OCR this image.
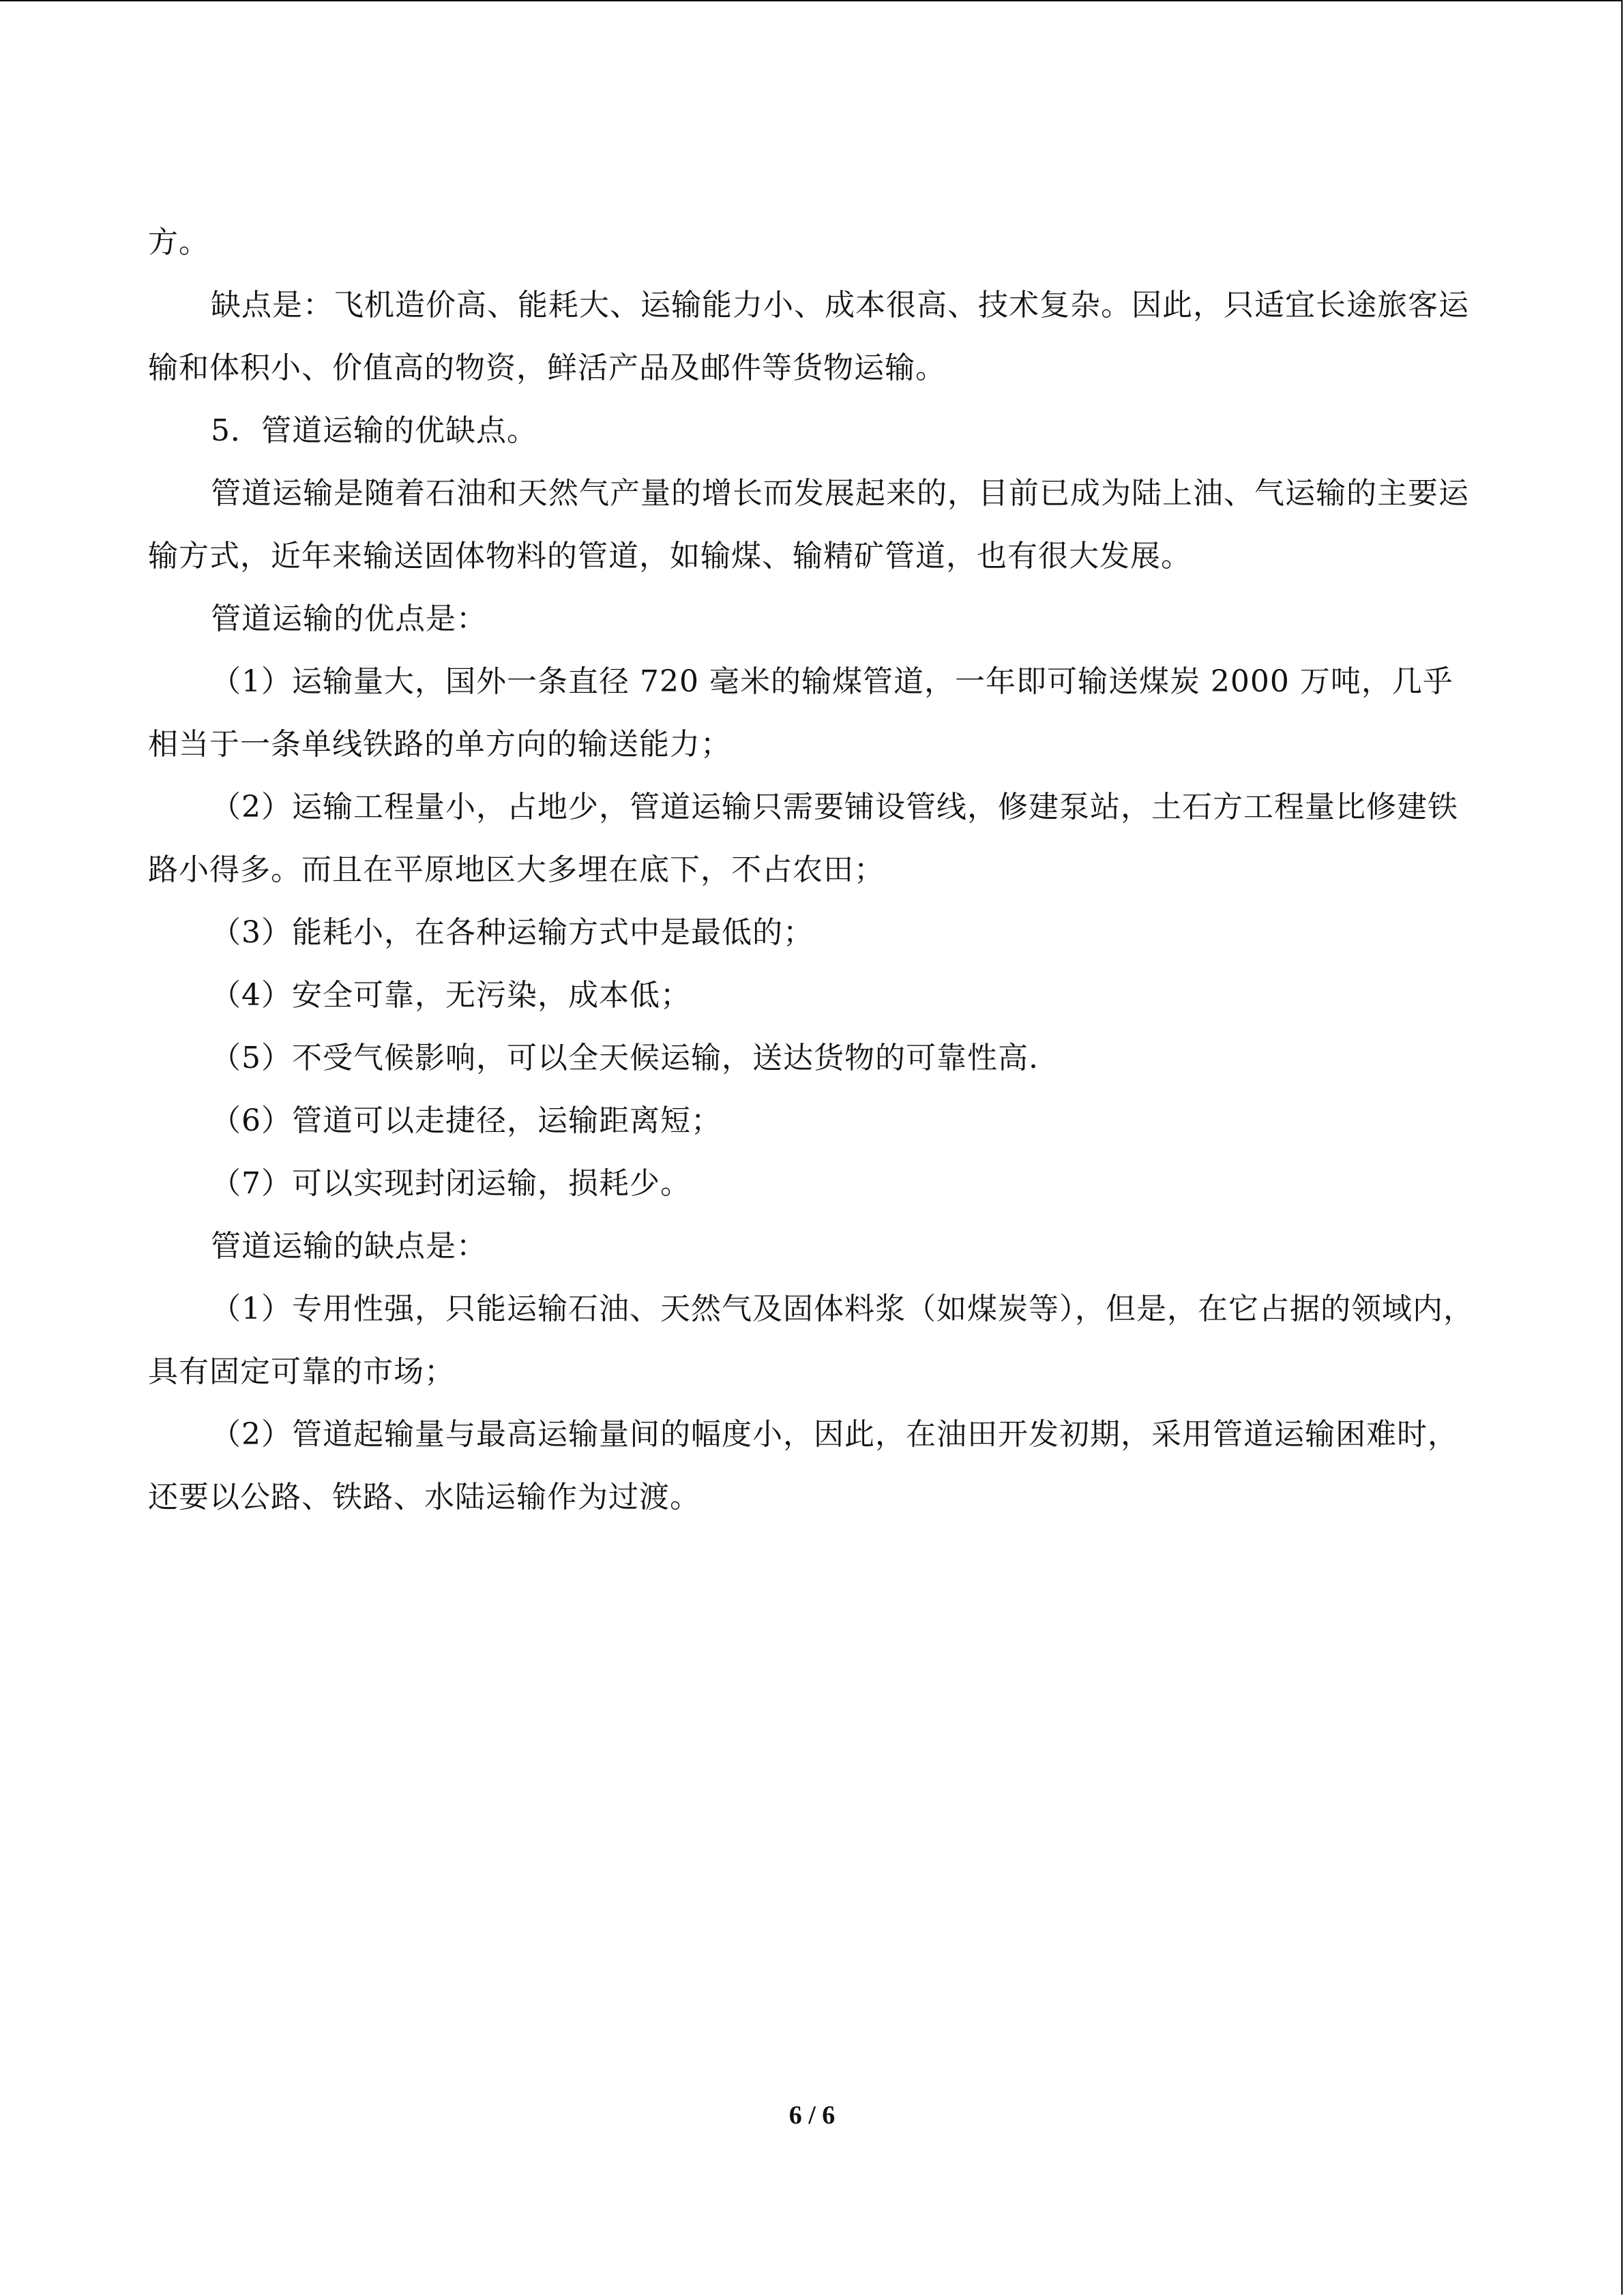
方。

缺点是：飞机造价高、能耗大、运输能力小、成本很高、技术复杂。因此，只适宜长途旅客运输和体积小、价值高的物资，鲜活产品及邮件等货物运输。

5．管道运输的优缺点。

管道运输是随着石油和天然气产量的增长而发展起来的，目前已成为陆上油、气运输的主要运输方式，近年来输送固体物料的管道，如输煤、输精矿管道，也有很大发展。

管道运输的优点是：

（1）运输量大，国外一条直径 720 毫米的输煤管道，一年即可输送煤炭 2000 万吨，几乎相当于一条单线铁路的单方向的输送能力；

（2）运输工程量小，占地少，管道运输只需要铺设管线，修建泵站，土石方工程量比修建铁路小得多。而且在平原地区大多埋在底下，不占农田；

（3）能耗小，在各种运输方式中是最低的；

（4）安全可靠，无污染，成本低；

（5）不受气候影响，可以全天候运输，送达货物的可靠性高.

（6）管道可以走捷径，运输距离短；

（7）可以实现封闭运输，损耗少。

管道运输的缺点是：

（1）专用性强，只能运输石油、天然气及固体料浆（如煤炭等），但是，在它占据的领域内，具有固定可靠的市场；

（2）管道起输量与最高运输量间的幅度小，因此，在油田开发初期，采用管道运输困难时，还要以公路、铁路、水陆运输作为过渡。

6 / 6
